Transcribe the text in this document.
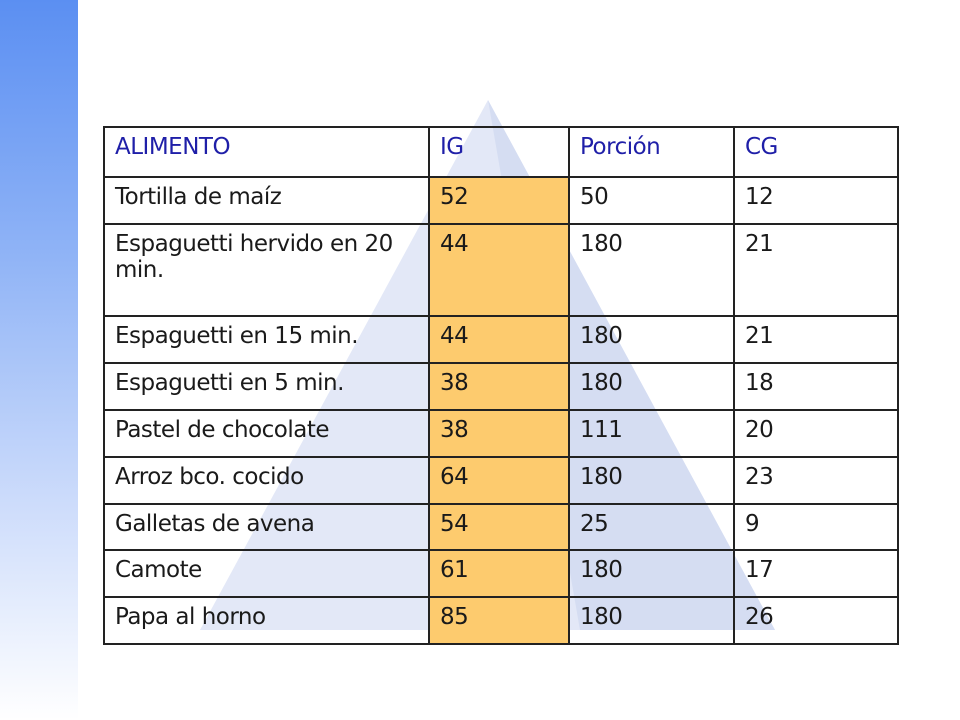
ALIMENTO	IG	Porción	CG
Tortilla de maíz	52	50	12
Espaguetti hervido en 20 min.	44	180	21
Espaguetti en 15 min.	44	180	21
Espaguetti en 5 min.	38	180	18
Pastel de chocolate	38	111	20
Arroz bco. cocido	64	180	23
Galletas de avena	54	25	9
Camote	61	180	17
Papa al horno	85	180	26
